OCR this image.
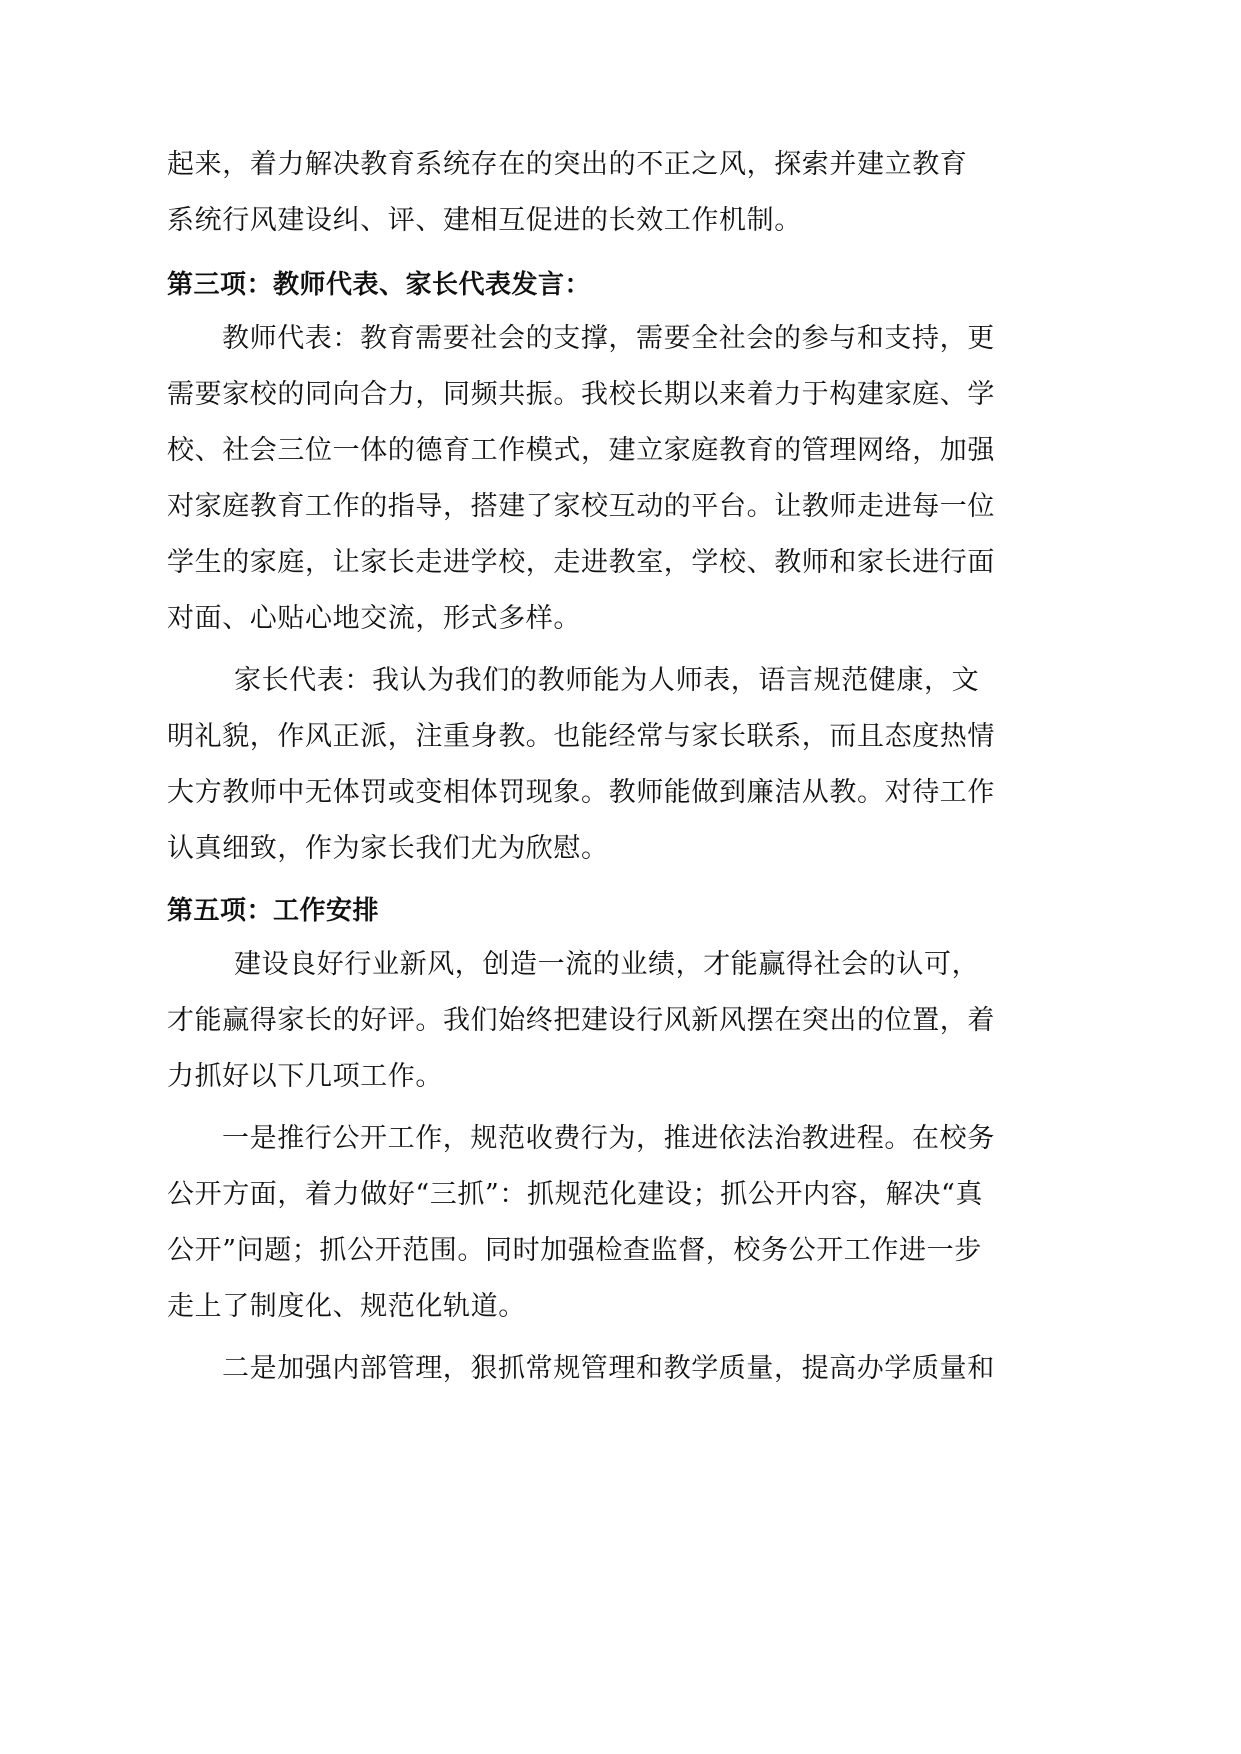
起来，着力解决教育系统存在的突出的不正之风，探索并建立教育
系统行风建设纠、评、建相互促进的长效工作机制。
第三项：教师代表、家长代表发言：
教师代表：教育需要社会的支撑，需要全社会的参与和支持，更
需要家校的同向合力，同频共振。我校长期以来着力于构建家庭、学
校、社会三位一体的德育工作模式，建立家庭教育的管理网络，加强
对家庭教育工作的指导，搭建了家校互动的平台。让教师走进每一位
学生的家庭，让家长走进学校，走进教室，学校、教师和家长进行面
对面、心贴心地交流，形式多样。
家长代表：我认为我们的教师能为人师表，语言规范健康，文
明礼貌，作风正派，注重身教。也能经常与家长联系，而且态度热情
大方教师中无体罚或变相体罚现象。教师能做到廉洁从教。对待工作
认真细致，作为家长我们尤为欣慰。
第五项：工作安排
建设良好行业新风，创造一流的业绩，才能赢得社会的认可，
才能赢得家长的好评。我们始终把建设行风新风摆在突出的位置，着
力抓好以下几项工作。
一是推行公开工作，规范收费行为，推进依法治教进程。在校务
公开方面，着力做好“三抓”：抓规范化建设；抓公开内容，解决“真
公开”问题；抓公开范围。同时加强检查监督，校务公开工作进一步
走上了制度化、规范化轨道。
二是加强内部管理，狠抓常规管理和教学质量，提高办学质量和
